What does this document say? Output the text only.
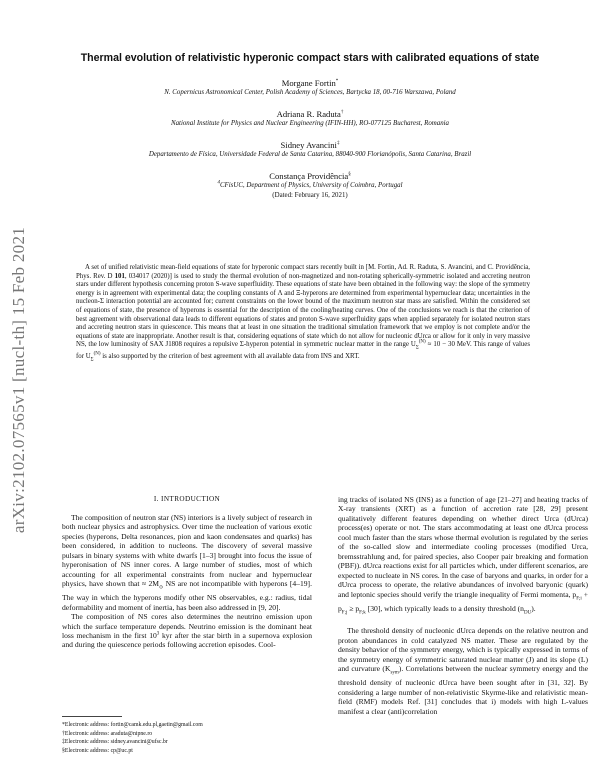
arXiv:2102.07565v1 [nucl-th] 15 Feb 2021
Thermal evolution of relativistic hyperonic compact stars with calibrated equations of state
Morgane Fortin*
N. Copernicus Astronomical Center, Polish Academy of Sciences, Bartycka 18, 00-716 Warszawa, Poland
Adriana R. Raduta†
National Institute for Physics and Nuclear Engineering (IFIN-HH), RO-077125 Bucharest, Romania
Sidney Avancini‡
Departamento de Física, Universidade Federal de Santa Catarina, 88040-900 Florianópolis, Santa Catarina, Brazil
Constança Providência§
$^4$CFisUC, Department of Physics, University of Coimbra, Portugal
(Dated: February 16, 2021)
A set of unified relativistic mean-field equations of state for hyperonic compact stars recently built in [M. Fortin, Ad. R. Raduta, S. Avancini, and C. Providência, Phys. Rev. D 101, 034017 (2020)] is used to study the thermal evolution of non-magnetized and non-rotating spherically-symmetric isolated and accreting neutron stars under different hypothesis concerning proton S-wave superfluidity. These equations of state have been obtained in the following way: the slope of the symmetry energy is in agreement with experimental data; the coupling constants of Λ and Ξ-hyperons are determined from experimental hypernuclear data; uncertainties in the nucleon-Σ interaction potential are accounted for; current constraints on the lower bound of the maximum neutron star mass are satisfied. Within the considered set of equations of state, the presence of hyperons is essential for the description of the cooling/heating curves. One of the conclusions we reach is that the criterion of best agreement with observational data leads to different equations of states and proton S-wave superfluidity gaps when applied separately for isolated neutron stars and accreting neutron stars in quiescence. This means that at least in one situation the traditional simulation framework that we employ is not complete and/or the equations of state are inappropriate. Another result is that, considering equations of state which do not allow for nucleonic dUrca or allow for it only in very massive NS, the low luminosity of SAX J1808 requires a repulsive Σ-hyperon potential in symmetric nuclear matter in the range $U_\Sigma^{(N)} \approx 10 - 30$ MeV. This range of values for $U_\Sigma^{(N)}$ is also supported by the criterion of best agreement with all available data from INS and XRT.
I. INTRODUCTION

The composition of neutron star (NS) interiors is a lively subject of research in both nuclear physics and astrophysics. Over time the nucleation of various exotic species (hyperons, Delta resonances, pion and kaon condensates and quarks) has been considered, in addition to nucleons. The discovery of several massive pulsars in binary systems with white dwarfs [1–3] brought into focus the issue of hyperonisation of NS inner cores. A large number of studies, most of which accounting for all experimental constraints from nuclear and hypernuclear physics, have shown that ≈ $2M_⊙$ NS are not incompatible with hyperons [4–19]. The way in which the hyperons modify other NS observables, e.g.: radius, tidal deformability and moment of inertia, has been also addressed in [9, 20].

The composition of NS cores also determines the neutrino emission upon which the surface temperature depends. Neutrino emission is the dominant heat loss mechanism in the first $10^3$ kyr after the star birth in a supernova explosion and during the quiescence periods following accretion episodes. Cool-

ing tracks of isolated NS (INS) as a function of age [21–27] and heating tracks of X-ray transients (XRT) as a function of accretion rate [28, 29] present qualitatively different features depending on whether direct Urca (dUrca) process(es) operate or not. The stars accommodating at least one dUrca process cool much faster than the stars whose thermal evolution is regulated by the series of the so-called slow and intermediate cooling processes (modified Urca, bremsstrahlung and, for paired species, also Cooper pair breaking and formation (PBF)). dUrca reactions exist for all particles which, under different scenarios, are expected to nucleate in NS cores. In the case of baryons and quarks, in order for a dUrca process to operate, the relative abundances of involved baryonic (quark) and leptonic species should verify the triangle inequality of Fermi momenta, $p_{F;i} + p_{F;j} \ge p_{F;k}$ [30], which typically leads to a density threshold $(n_{DU})$.

The threshold density of nucleonic dUrca depends on the relative neutron and proton abundances in cold catalyzed NS matter. These are regulated by the density behavior of the symmetry energy, which is typically expressed in terms of the symmetry energy of symmetric saturated nuclear matter (J) and its slope (L) and curvature $(K_{sym})$. Correlations between the nuclear symmetry energy and the threshold density of nucleonic dUrca have been sought after in [31, 32]. By considering a large number of non-relativistic Skyrme-like and relativistic mean-field (RMF) models Ref. [31] concludes that i) models with high L-values manifest a clear (anti)correlation

*Electronic address: fortin@camk.edu.pl,gaetin@gmail.com
†Electronic address: araduta@nipne.ro
‡Electronic address: sidney.avancini@ufsc.br
§Electronic address: cp@uc.pt
